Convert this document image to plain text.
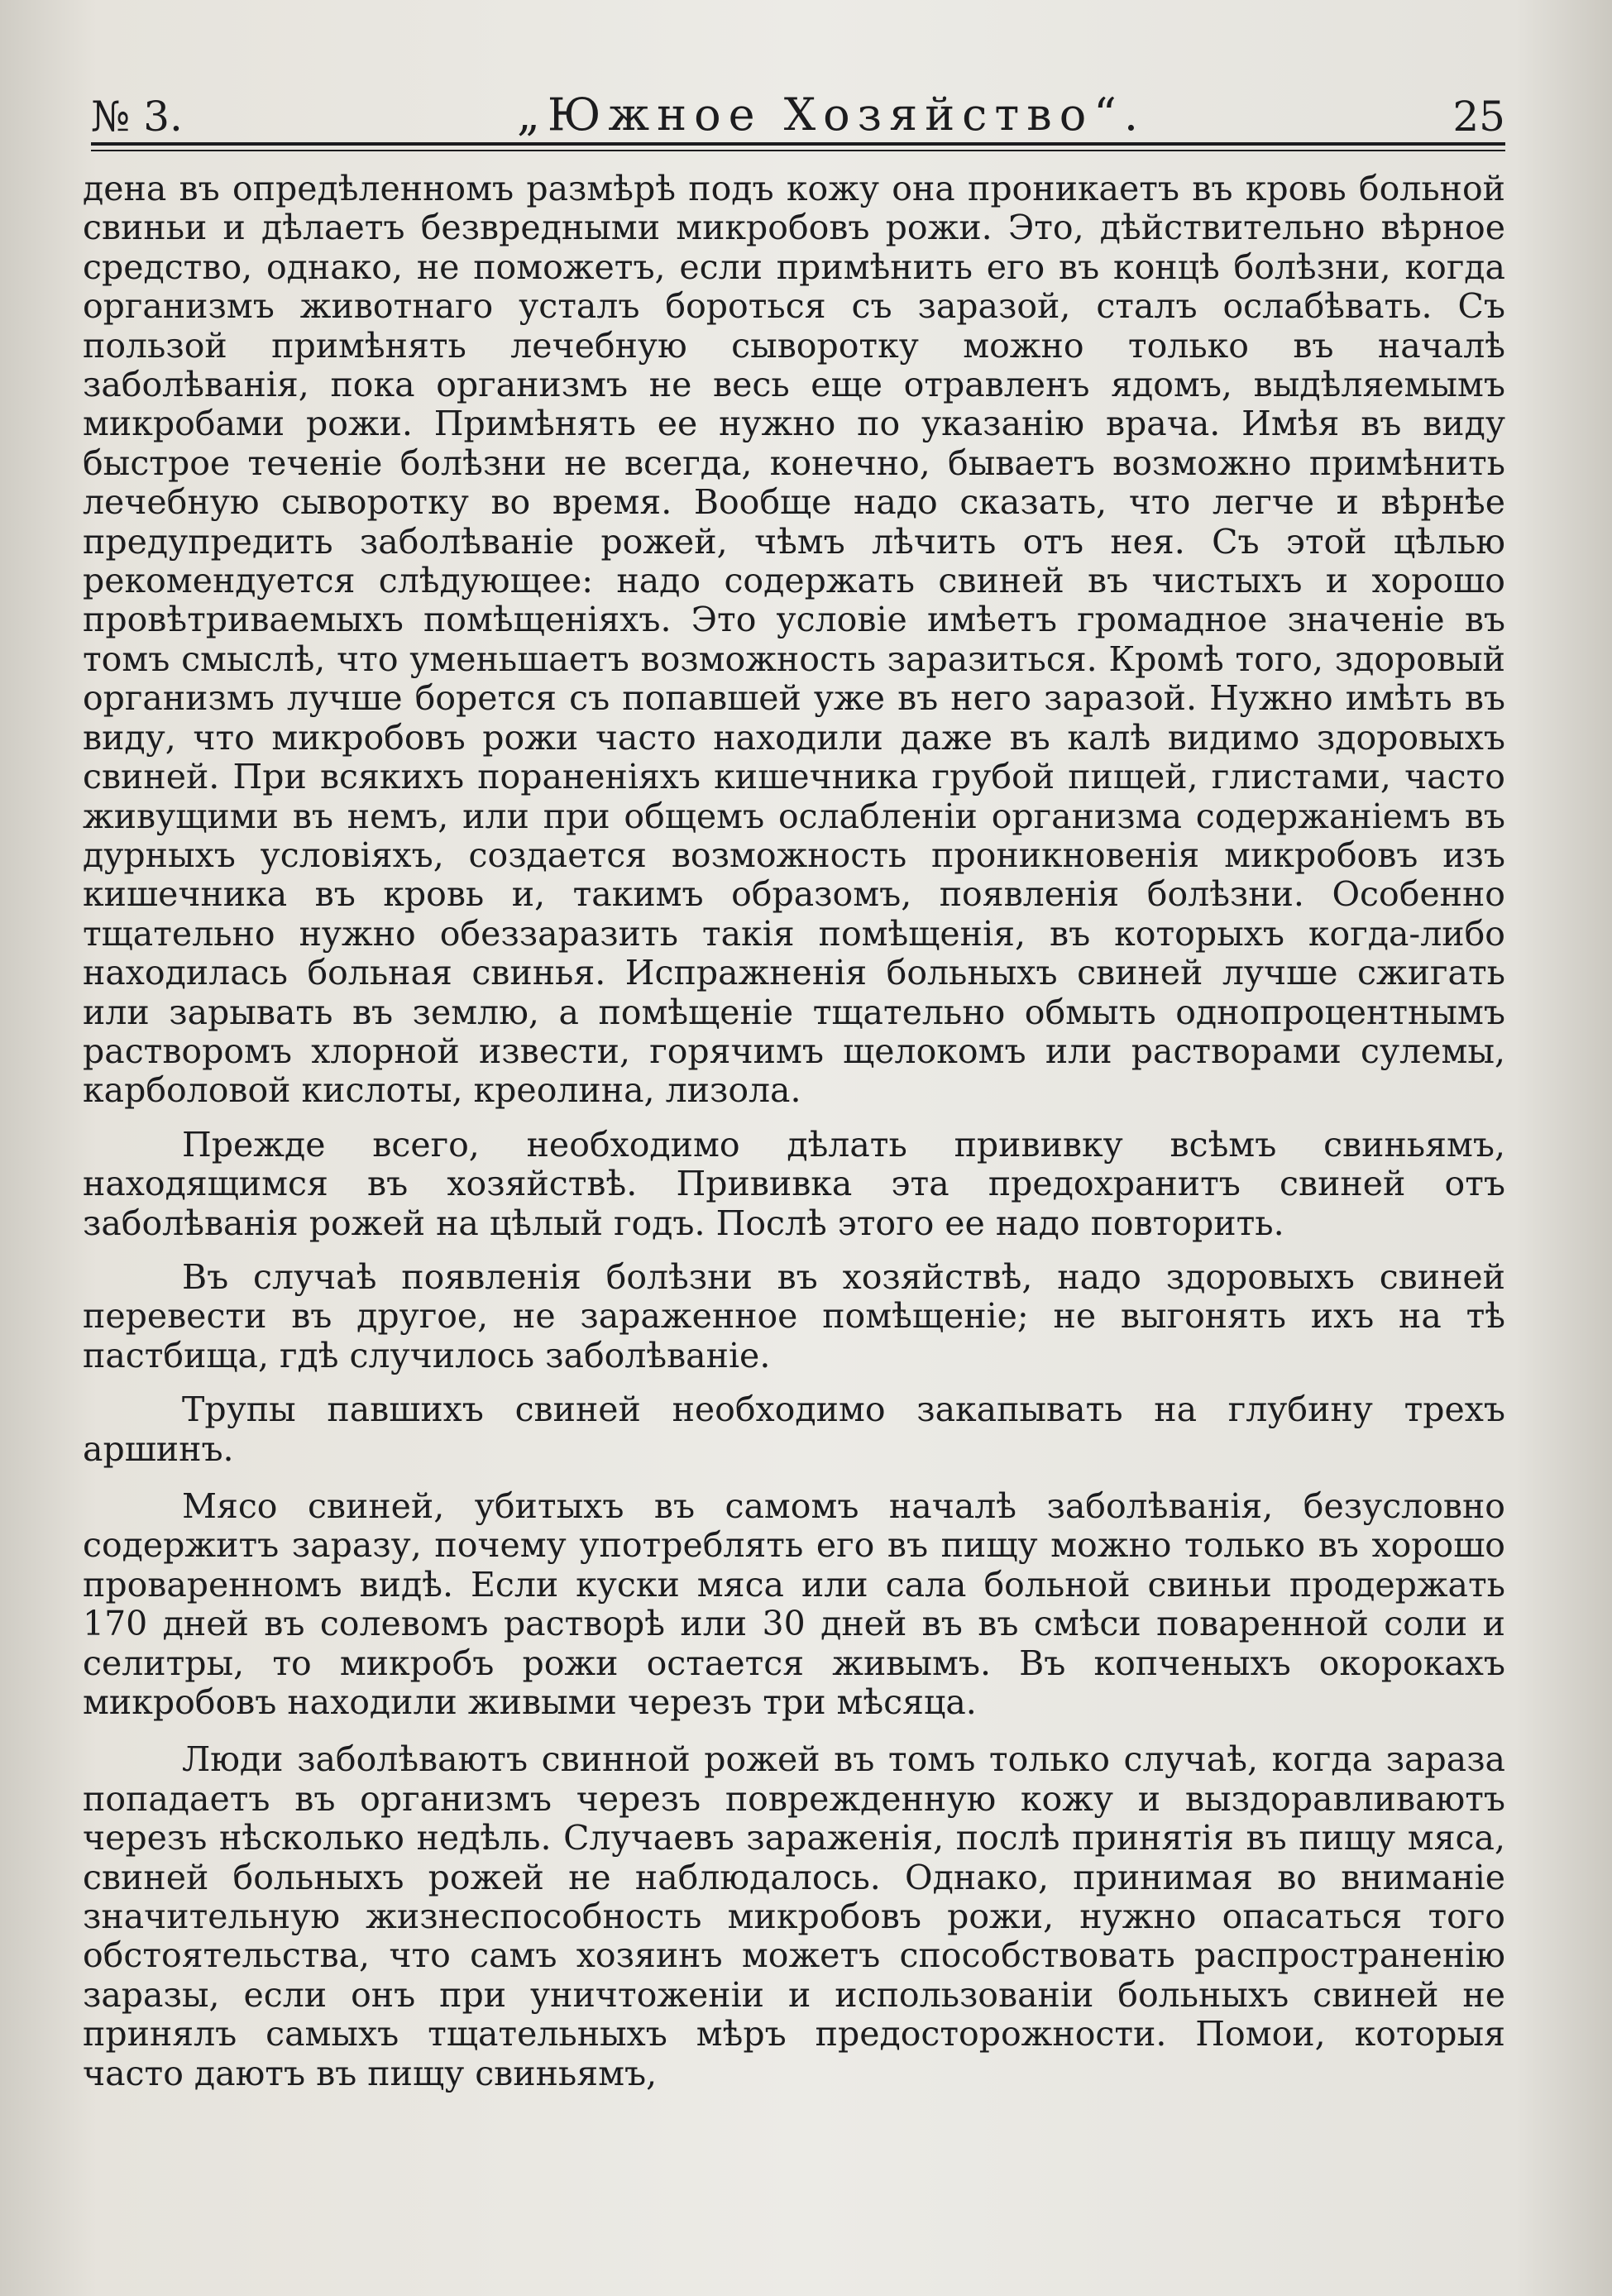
№ 3.	„Южное Хозяйство“.	25

дена въ опредѣленномъ размѣрѣ подъ кожу она проникаетъ въ кровь больной свиньи и дѣлаетъ безвредными микробовъ рожи. Это, дѣйствительно вѣрное средство, однако, не поможетъ, если примѣнить его въ концѣ болѣзни, когда организмъ животнаго усталъ бороться съ заразой, сталъ ослабѣвать. Съ пользой примѣнять лечебную сыворотку можно только въ началѣ заболѣванія, пока организмъ не весь еще отравленъ ядомъ, выдѣляемымъ микробами рожи. Примѣнять ее нужно по указанію врача. Имѣя въ виду быстрое теченіе болѣзни не всегда, конечно, бываетъ возможно примѣнить лечебную сыворотку во время. Вообще надо сказать, что легче и вѣрнѣе предупредить заболѣваніе рожей, чѣмъ лѣчить отъ нея. Съ этой цѣлью рекомендуется слѣдующее: надо содержать свиней въ чистыхъ и хорошо провѣтриваемыхъ помѣщеніяхъ. Это условіе имѣетъ громадное значеніе въ томъ смыслѣ, что уменьшаетъ возможность заразиться. Кромѣ того, здоровый организмъ лучше борется съ попавшей уже въ него заразой. Нужно имѣть въ виду, что микробовъ рожи часто находили даже въ калѣ видимо здоровыхъ свиней. При всякихъ пораненіяхъ кишечника грубой пищей, глистами, часто живущими въ немъ, или при общемъ ослабленіи организма содержаніемъ въ дурныхъ условіяхъ, создается возможность проникновенія микробовъ изъ кишечника въ кровь и, такимъ образомъ, появленія болѣзни. Особенно тщательно нужно обеззаразить такія помѣщенія, въ которыхъ когда-либо находилась больная свинья. Испражненія больныхъ свиней лучше сжигать или зарывать въ землю, а помѣщеніе тщательно обмыть однопроцентнымъ растворомъ хлорной извести, горячимъ щелокомъ или растворами сулемы, карболовой кислоты, креолина, лизола.

Прежде всего, необходимо дѣлать прививку всѣмъ свиньямъ, находящимся въ хозяйствѣ. Прививка эта предохранитъ свиней отъ заболѣванія рожей на цѣлый годъ. Послѣ этого ее надо повторить.

Въ случаѣ появленія болѣзни въ хозяйствѣ, надо здоровыхъ свиней перевести въ другое, не зараженное помѣщеніе; не выгонять ихъ на тѣ пастбища, гдѣ случилось заболѣваніе.

Трупы павшихъ свиней необходимо закапывать на глубину трехъ аршинъ.

Мясо свиней, убитыхъ въ самомъ началѣ заболѣванія, безусловно содержитъ заразу, почему употреблять его въ пищу можно только въ хорошо проваренномъ видѣ. Если куски мяса или сала больной свиньи продержать 170 дней въ солевомъ растворѣ или 30 дней въ въ смѣси поваренной соли и селитры, то микробъ рожи остается живымъ. Въ копченыхъ окорокахъ микробовъ находили живыми черезъ три мѣсяца.

Люди заболѣваютъ свинной рожей въ томъ только случаѣ, когда зараза попадаетъ въ организмъ черезъ поврежденную кожу и выздоравливаютъ черезъ нѣсколько недѣль. Случаевъ зараженія, послѣ принятія въ пищу мяса, свиней больныхъ рожей не наблюдалось. Однако, принимая во вниманіе значительную жизнеспособность микробовъ рожи, нужно опасаться того обстоятельства, что самъ хозяинъ можетъ способствовать распространенію заразы, если онъ при уничтоженіи и использованіи больныхъ свиней не принялъ самыхъ тщательныхъ мѣръ предосторожности. Помои, которыя часто даютъ въ пищу свиньямъ,
